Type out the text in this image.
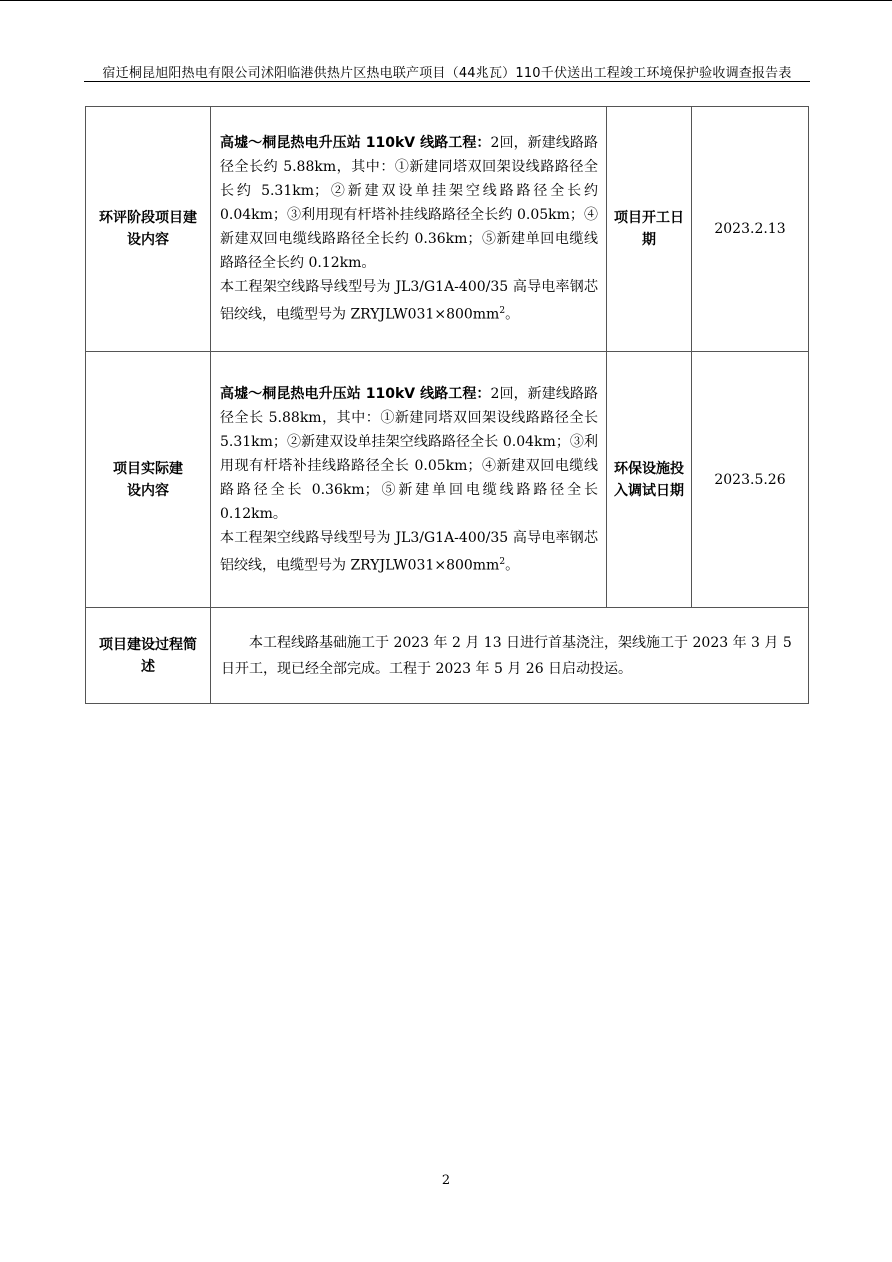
宿迁桐昆旭阳热电有限公司沭阳临港供热片区热电联产项目（44兆瓦）110千伏送出工程竣工环境保护验收调查报告表
环评阶段项目建设内容	高墟～桐昆热电升压站 110kV 线路工程：2回，新建线路路径全长约 5.88km，其中：①新建同塔双回架设线路路径全长约 5.31km；②新建双设单挂架空线路路径全长约 0.04km；③利用现有杆塔补挂线路路径全长约 0.05km；④新建双回电缆线路路径全长约 0.36km；⑤新建单回电缆线路路径全长约 0.12km。

本工程架空线路导线型号为 JL3/G1A-400/35 高导电率钢芯铝绞线，电缆型号为 $ZRYJLW031\times 800mm^2$。	项目开工日期	2023.2.13

项目实际建设内容	高墟～桐昆热电升压站 110kV 线路工程：2回，新建线路路径全长 5.88km，其中：①新建同塔双回架设线路路径全长 5.31km；②新建双设单挂架空线路路径全长 0.04km；③利用现有杆塔补挂线路路径全长 0.05km；④新建双回电缆线路路径全长 0.36km；⑤新建单回电缆线路路径全长 0.12km。

本工程架空线路导线型号为 JL3/G1A-400/35 高导电率钢芯铝绞线，电缆型号为 $ZRYJLW031\times 800mm^2$。	环保设施投入调试日期	2023.5.26

项目建设过程简述	本工程线路基础施工于 2023 年 2 月 13 日进行首基浇注，架线施工于 2023 年 3 月 5 日开工，现已经全部完成。工程于 2023 年 5 月 26 日启动投运。		
2
